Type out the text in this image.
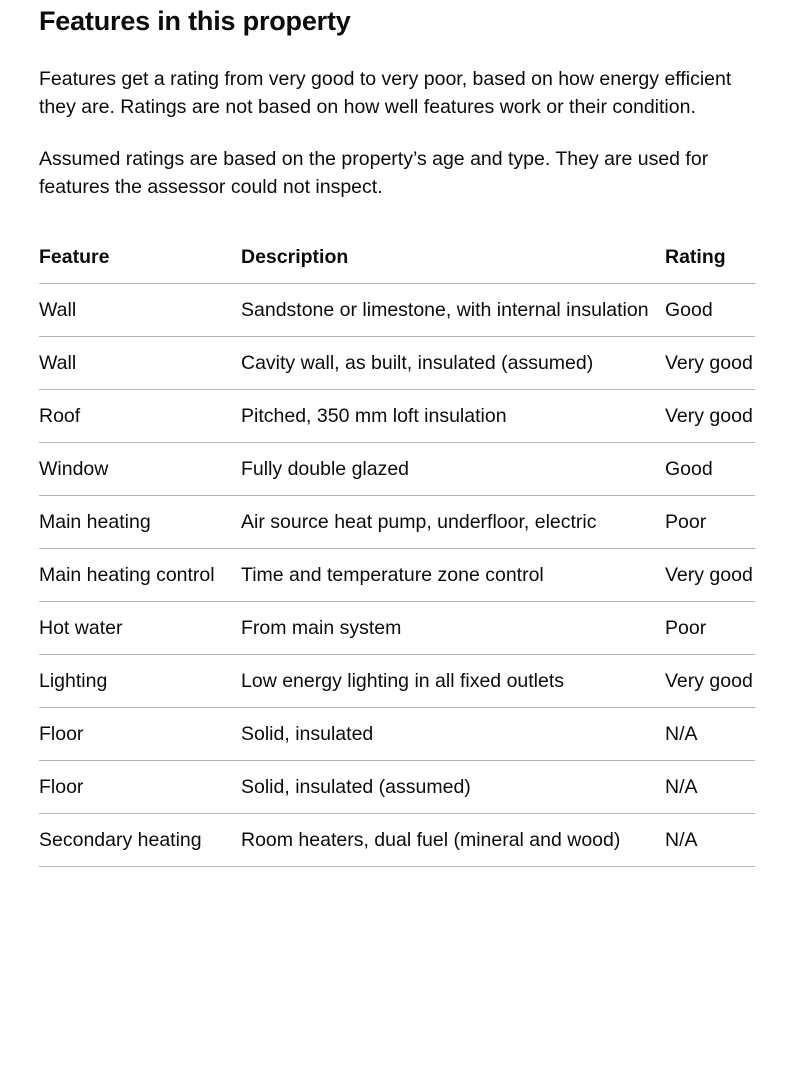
Features in this property

Features get a rating from very good to very poor, based on how energy efficient they are. Ratings are not based on how well features work or their condition.

Assumed ratings are based on the property’s age and type. They are used for features the assessor could not inspect.

Feature	Description	Rating
Wall	Sandstone or limestone, with internal insulation	Good
Wall	Cavity wall, as built, insulated (assumed)	Very good
Roof	Pitched, 350 mm loft insulation	Very good
Window	Fully double glazed	Good
Main heating	Air source heat pump, underfloor, electric	Poor
Main heating control	Time and temperature zone control	Very good
Hot water	From main system	Poor
Lighting	Low energy lighting in all fixed outlets	Very good
Floor	Solid, insulated	N/A
Floor	Solid, insulated (assumed)	N/A
Secondary heating	Room heaters, dual fuel (mineral and wood)	N/A
